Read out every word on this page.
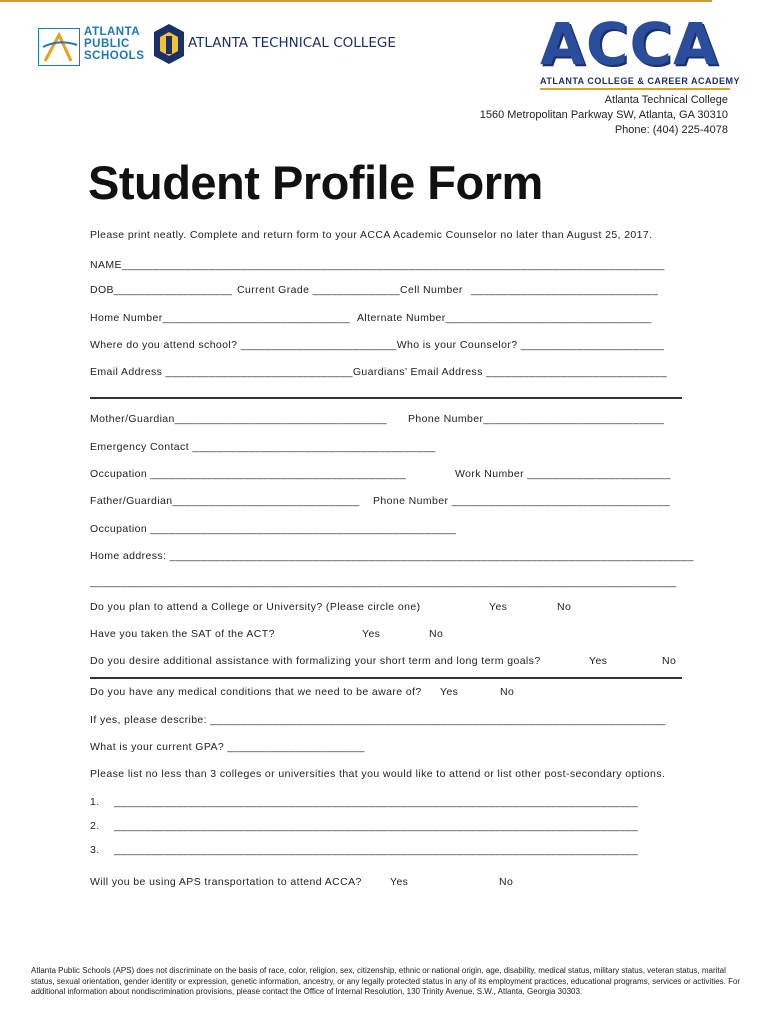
ATLANTA
PUBLIC
SCHOOLS
ATLANTA TECHNICAL COLLEGE ACCA
ATLANTA COLLEGE & CAREER ACADEMY
Atlanta Technical College
1560 Metropolitan Parkway SW, Atlanta, GA 30310
Phone: (404) 225-4078
Student Profile Form
Please print neatly. Complete and return form to your ACCA Academic Counselor no later than August 25, 2017.
NAME_______________________________________________________________________________________
DOB___________________ Current Grade ______________Cell Number ______________________________
Home Number______________________________ Alternate Number_________________________________
Where do you attend school? _________________________Who is your Counselor? _______________________
Email Address ______________________________Guardians’ Email Address _____________________________
Mother/Guardian__________________________________ Phone Number_____________________________
Emergency Contact _______________________________________
Occupation _________________________________________	Work Number _______________________
Father/Guardian______________________________ Phone Number ___________________________________
Occupation _________________________________________________
Home address: ____________________________________________________________________________________
______________________________________________________________________________________________
Do you plan to attend a College or University? (Please circle one)	Yes	No
Have you taken the SAT of the ACT?	Yes	No
Do you desire additional assistance with formalizing your short term and long term goals?	Yes	No
Do you have any medical conditions that we need to be aware of? Yes	No
If yes, please describe: _________________________________________________________________________
What is your current GPA? ______________________
Please list no less than 3 colleges or universities that you would like to attend or list other post-secondary options.
1. ____________________________________________________________________________________
2. ____________________________________________________________________________________
3. ____________________________________________________________________________________
Will you be using APS transportation to attend ACCA?	Yes	No
Atlanta Public Schools (APS) does not discriminate on the basis of race, color, religion, sex, citizenship, ethnic or national origin, age, disability, medical status, military status, veteran status, marital status, sexual orientation, gender identity or expression, genetic information, ancestry, or any legally protected status in any of its employment practices, educational programs, services or activities. For additional information about nondiscrimination provisions, please contact the Office of Internal Resolution, 130 Trinity Avenue, S.W., Atlanta, Georgia 30303.
